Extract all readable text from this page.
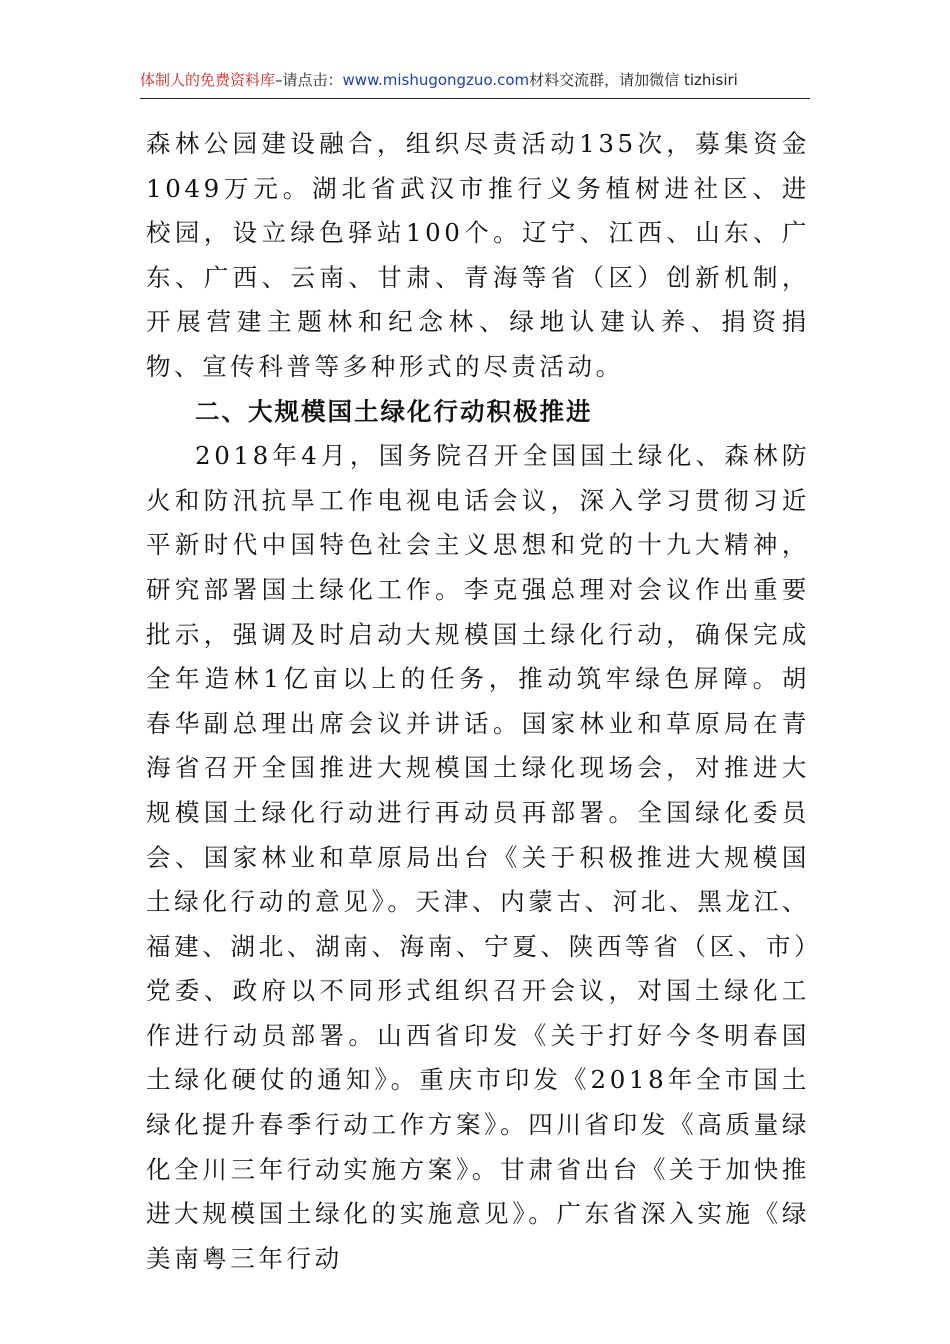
体制人的免费资料库–请点击：www.mishugongzuo.com材料交流群，请加微信 tizhisiri

森林公园建设融合，组织尽责活动135次，募集资金1049万元。湖北省武汉市推行义务植树进社区、进校园，设立绿色驿站100个。辽宁、江西、山东、广东、广西、云南、甘肃、青海等省（区）创新机制，开展营建主题林和纪念林、绿地认建认养、捐资捐物、宣传科普等多种形式的尽责活动。

二、大规模国土绿化行动积极推进

2018年4月，国务院召开全国国土绿化、森林防火和防汛抗旱工作电视电话会议，深入学习贯彻习近平新时代中国特色社会主义思想和党的十九大精神，研究部署国土绿化工作。李克强总理对会议作出重要批示，强调及时启动大规模国土绿化行动，确保完成全年造林1亿亩以上的任务，推动筑牢绿色屏障。胡春华副总理出席会议并讲话。国家林业和草原局在青海省召开全国推进大规模国土绿化现场会，对推进大规模国土绿化行动进行再动员再部署。全国绿化委员会、国家林业和草原局出台《关于积极推进大规模国土绿化行动的意见》。天津、内蒙古、河北、黑龙江、福建、湖北、湖南、海南、宁夏、陕西等省（区、市）党委、政府以不同形式组织召开会议，对国土绿化工作进行动员部署。山西省印发《关于打好今冬明春国土绿化硬仗的通知》。重庆市印发《2018年全市国土绿化提升春季行动工作方案》。四川省印发《高质量绿化全川三年行动实施方案》。甘肃省出台《关于加快推进大规模国土绿化的实施意见》。广东省深入实施《绿美南粤三年行动
